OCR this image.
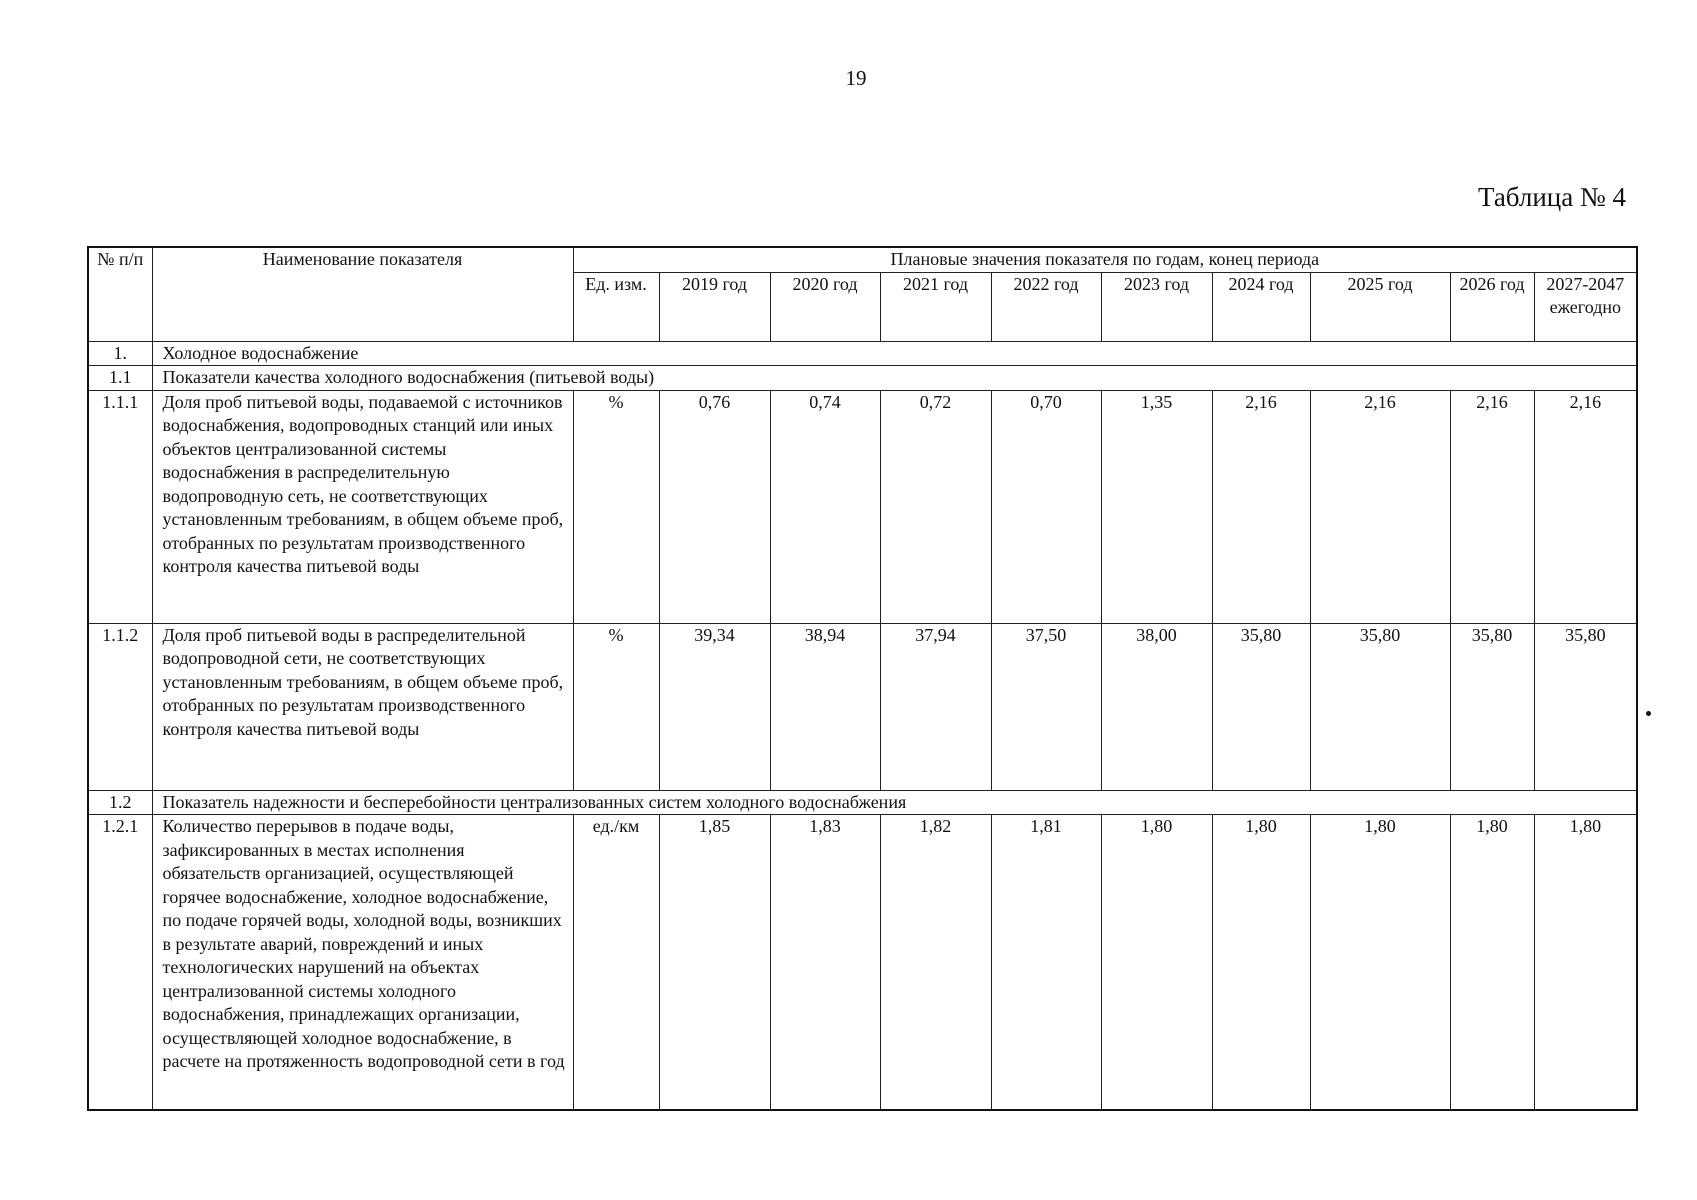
19
Таблица № 4
№ п/п	Наименование показателя	Плановые значения показателя по годам, конец периода									
		Ед. изм.	2019 год	2020 год	2021 год	2022 год	2023 год	2024 год	2025 год	2026 год	2027-2047 ежегодно
1.	Холодное водоснабжение										
1.1	Показатели качества холодного водоснабжения (питьевой воды)										
1.1.1	Доля проб питьевой воды, подаваемой с источников водоснабжения, водопроводных станций или иных объектов централизованной системы водоснабжения в распределительную водопроводную сеть, не соответствующих установленным требованиям, в общем объеме проб, отобранных по результатам производственного контроля качества питьевой воды	%	0,76	0,74	0,72	0,70	1,35	2,16	2,16	2,16	2,16
1.1.2	Доля проб питьевой воды в распределительной водопроводной сети, не соответствующих установленным требованиям, в общем объеме проб, отобранных по результатам производственного контроля качества питьевой воды	%	39,34	38,94	37,94	37,50	38,00	35,80	35,80	35,80	35,80
1.2	Показатель надежности и бесперебойности централизованных систем холодного водоснабжения										
1.2.1	Количество перерывов в подаче воды, зафиксированных в местах исполнения обязательств организацией, осуществляющей горячее водоснабжение, холодное водоснабжение, по подаче горячей воды, холодной воды, возникших в результате аварий, повреждений и иных технологических нарушений на объектах централизованной системы холодного водоснабжения, принадлежащих организации, осуществляющей холодное водоснабжение, в расчете на протяженность водопроводной сети в год	ед./км	1,85	1,83	1,82	1,81	1,80	1,80	1,80	1,80	1,80
